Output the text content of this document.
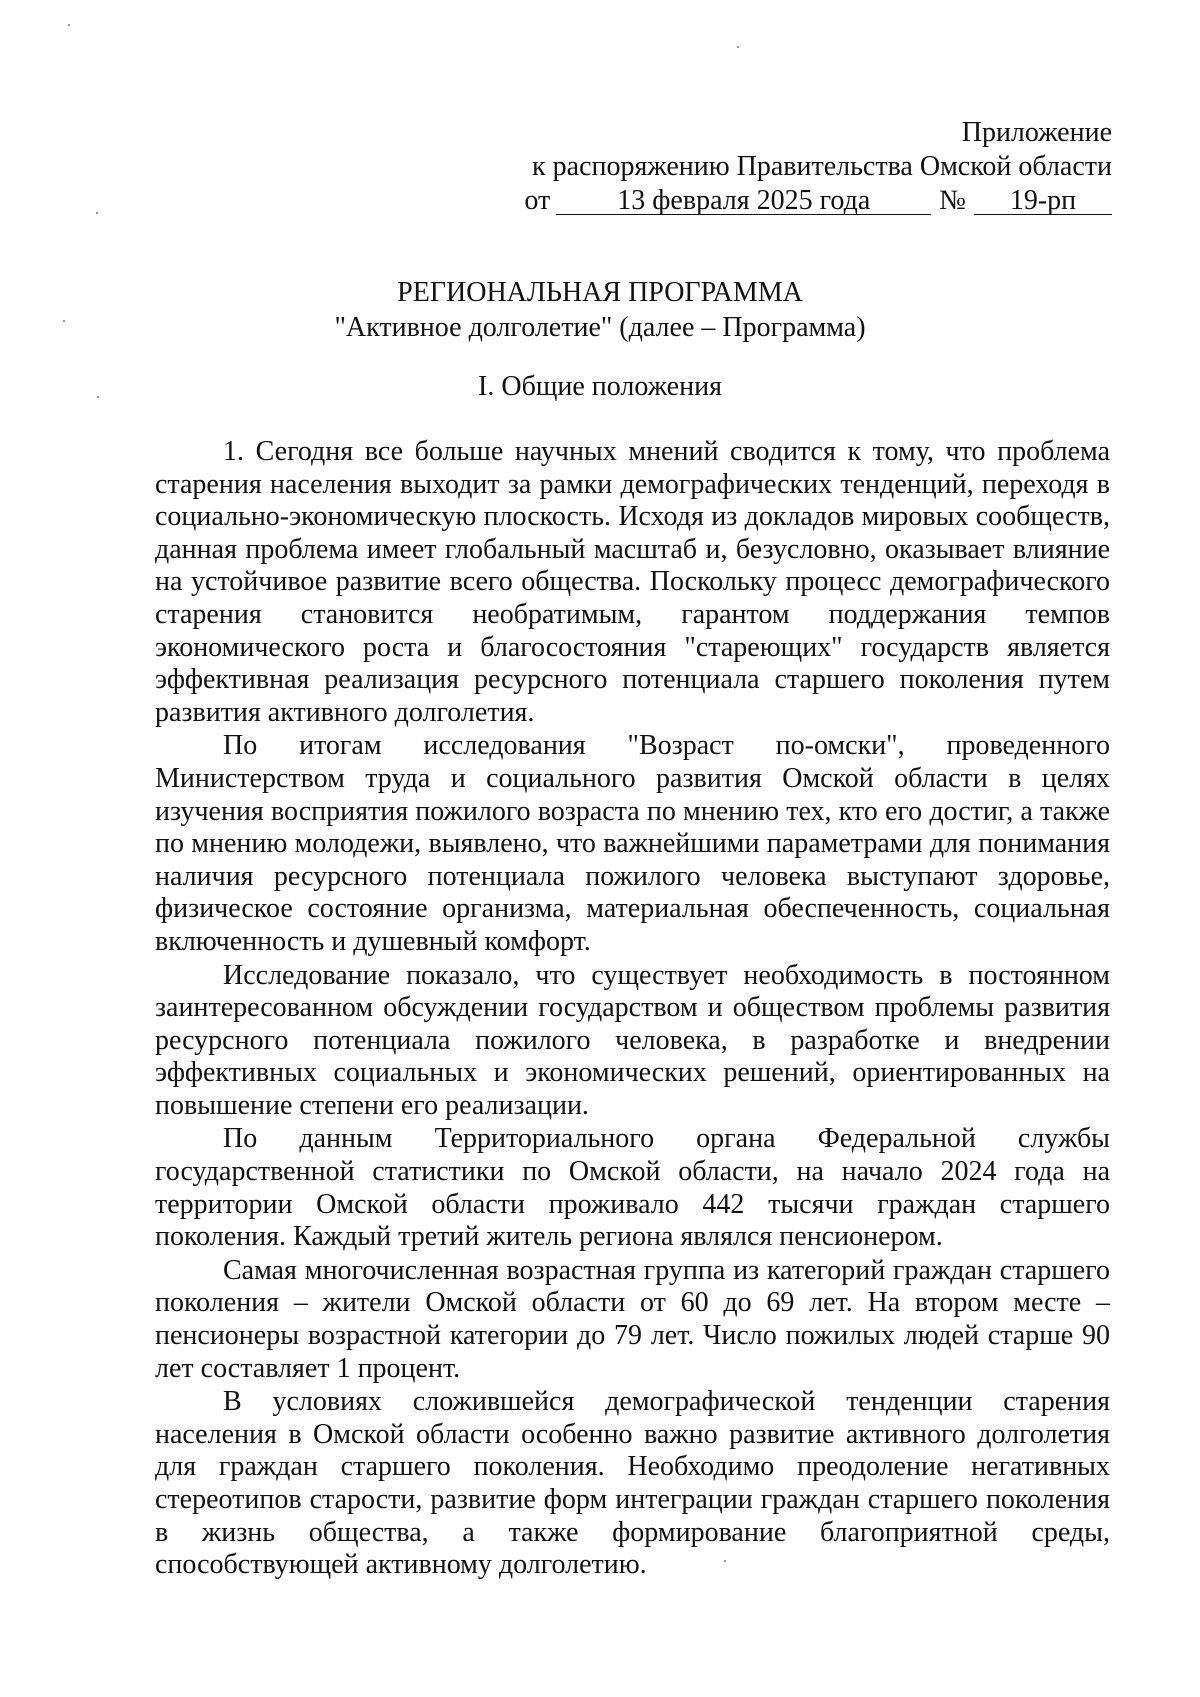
Приложение
к распоряжению Правительства Омской области
от	13 февраля 2025 года	№	19-рп
РЕГИОНАЛЬНАЯ ПРОГРАММА
"Активное долголетие" (далее – Программа)
I. Общие положения

1. Сегодня все больше научных мнений сводится к тому, что проблема старения населения выходит за рамки демографических тенденций, переходя в социально-экономическую плоскость. Исходя из докладов мировых сообществ, данная проблема имеет глобальный масштаб и, безусловно, оказывает влияние на устойчивое развитие всего общества. Поскольку процесс демографического старения становится необратимым, гарантом поддержания темпов экономического роста и благосостояния "стареющих" государств является эффективная реализация ресурсного потенциала старшего поколения путем развития активного долголетия.

По итогам исследования "Возраст по-омски", проведенного Министерством труда и социального развития Омской области в целях изучения восприятия пожилого возраста по мнению тех, кто его достиг, а также по мнению молодежи, выявлено, что важнейшими параметрами для понимания наличия ресурсного потенциала пожилого человека выступают здоровье, физическое состояние организма, материальная обеспеченность, социальная включенность и душевный комфорт.

Исследование показало, что существует необходимость в постоянном заинтересованном обсуждении государством и обществом проблемы развития ресурсного потенциала пожилого человека, в разработке и внедрении эффективных социальных и экономических решений, ориентированных на повышение степени его реализации.

По данным Территориального органа Федеральной службы государственной статистики по Омской области, на начало 2024 года на территории Омской области проживало 442 тысячи граждан старшего поколения. Каждый третий житель региона являлся пенсионером.

Самая многочисленная возрастная группа из категорий граждан старшего поколения – жители Омской области от 60 до 69 лет. На втором месте – пенсионеры возрастной категории до 79 лет. Число пожилых людей старше 90 лет составляет 1 процент.

В условиях сложившейся демографической тенденции старения населения в Омской области особенно важно развитие активного долголетия для граждан старшего поколения. Необходимо преодоление негативных стереотипов старости, развитие форм интеграции граждан старшего поколения в жизнь общества, а также формирование благоприятной среды, способствующей активному долголетию.
